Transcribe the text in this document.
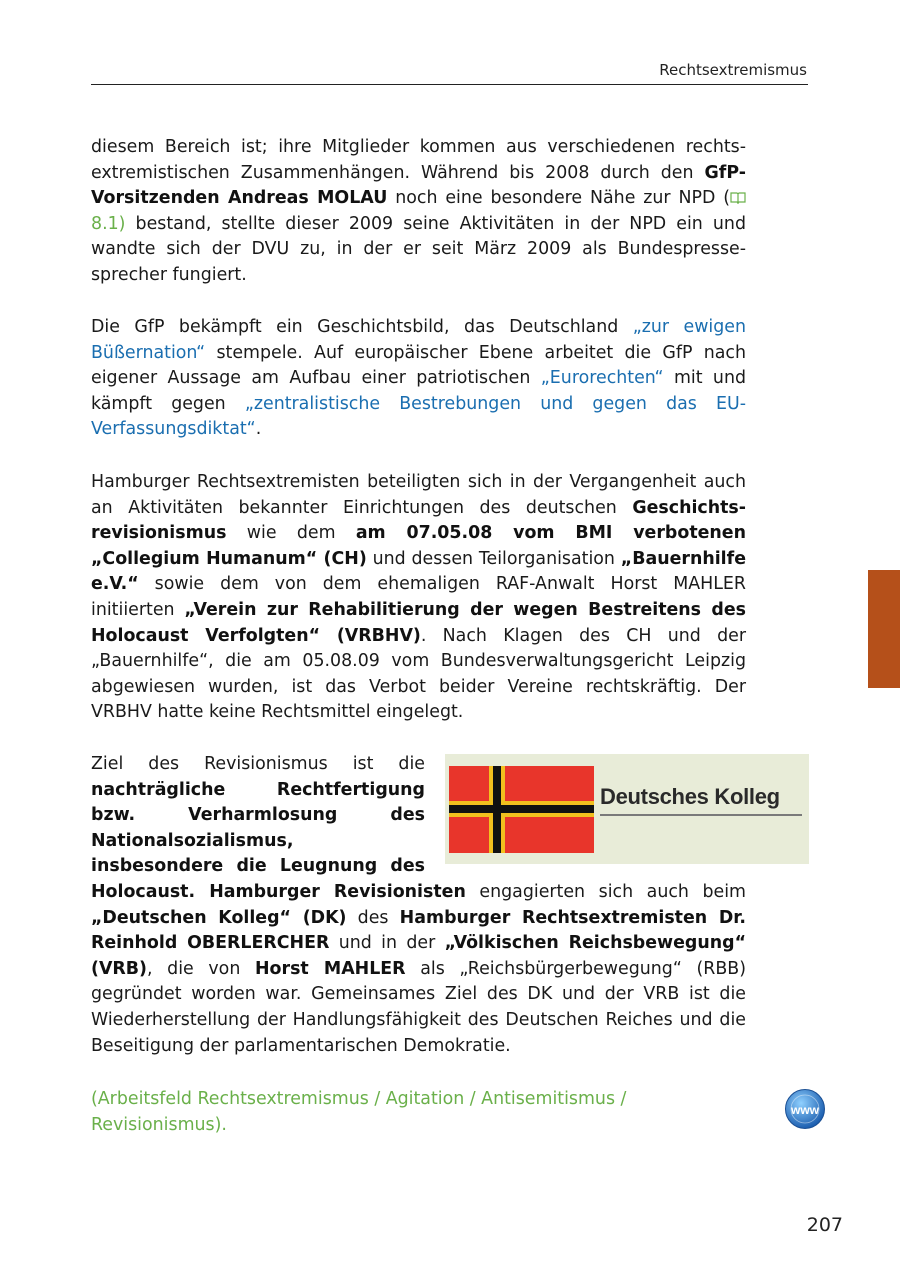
Rechtsextremismus
diesem Bereich ist; ihre Mitglieder kommen aus verschiedenen rechts-extremistischen Zusammenhängen. Während bis 2008 durch den GfP-Vorsitzenden Andreas MOLAU noch eine besondere Nähe zur NPD (8.1) bestand, stellte dieser 2009 seine Aktivitäten in der NPD ein und wandte sich der DVU zu, in der er seit März 2009 als Bundespresse-sprecher fungiert.
Die GfP bekämpft ein Geschichtsbild, das Deutschland „zur ewigen Büßernation“ stempele. Auf europäischer Ebene arbeitet die GfP nach eigener Aussage am Aufbau einer patriotischen „Eurorechten“ mit und kämpft gegen „zentralistische Bestrebungen und gegen das EU-Verfassungsdiktat“.
Hamburger Rechtsextremisten beteiligten sich in der Vergangenheit auch an Aktivitäten bekannter Einrichtungen des deutschen Geschichts-revisionismus wie dem am 07.05.08 vom BMI verbotenen „Collegium Humanum“ (CH) und dessen Teilorganisation „Bauernhilfe e.V.“ sowie dem von dem ehemaligen RAF-Anwalt Horst MAHLER initiierten „Verein zur Rehabilitierung der wegen Bestreitens des Holocaust Verfolgten“ (VRBHV). Nach Klagen des CH und der „Bauernhilfe“, die am 05.08.09 vom Bundesverwaltungsgericht Leipzig abgewiesen wurden, ist das Verbot beider Vereine rechtskräftig. Der VRBHV hatte keine Rechtsmittel eingelegt.
Deutsches Kolleg
Ziel des Revisionismus ist die nachträgliche Rechtfertigung bzw. Verharmlosung des Nationalsozialismus, insbesondere die Leugnung des Holocaust. Hamburger Revisionisten engagierten sich auch beim „Deutschen Kolleg“ (DK) des Hamburger Rechtsextremisten Dr. Reinhold OBERLERCHER und in der „Völkischen Reichsbewegung“ (VRB), die von Horst MAHLER als „Reichsbürgerbewegung“ (RBB) gegründet worden war. Gemeinsames Ziel des DK und der VRB ist die Wiederherstellung der Handlungsfähigkeit des Deutschen Reiches und die Beseitigung der parlamentarischen Demokratie.
(Arbeitsfeld Rechtsextremismus / Agitation / Antisemitismus / Revisionismus).
www
207
